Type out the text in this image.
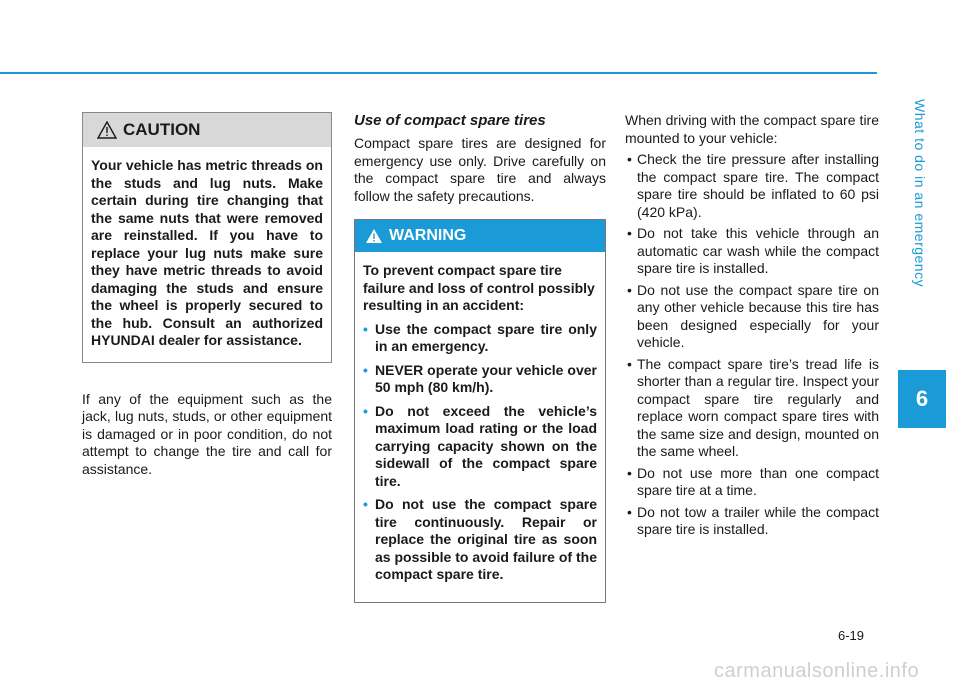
What to do in an emergency
6
CAUTION
Your vehicle has metric threads on the studs and lug nuts. Make certain during tire changing that the same nuts that were removed are reinstalled. If you have to replace your lug nuts make sure they have metric threads to avoid damaging the studs and ensure the wheel is properly secured to the hub. Consult an authorized HYUNDAI dealer for assistance.

If any of the equipment such as the jack, lug nuts, studs, or other equipment is damaged or in poor condition, do not attempt to change the tire and call for assistance.

Use of compact spare tires

Compact spare tires are designed for emergency use only. Drive carefully on the compact spare tire and always follow the safety precautions.

WARNING

To prevent compact spare tire failure and loss of control possibly resulting in an accident:

• Use the compact spare tire only in an emergency.
• NEVER operate your vehicle over 50 mph (80 km/h).
• Do not exceed the vehicle’s maximum load rating or the load carrying capacity shown on the sidewall of the compact spare tire.
• Do not use the compact spare tire continuously. Repair or replace the original tire as soon as possible to avoid failure of the compact spare tire.

When driving with the compact spare tire mounted to your vehicle:

• Check the tire pressure after installing the compact spare tire. The compact spare tire should be inflated to 60 psi (420 kPa).
• Do not take this vehicle through an automatic car wash while the compact spare tire is installed.
• Do not use the compact spare tire on any other vehicle because this tire has been designed especially for your vehicle.
• The compact spare tire’s tread life is shorter than a regular tire. Inspect your compact spare tire regularly and replace worn compact spare tires with the same size and design, mounted on the same wheel.
• Do not use more than one compact spare tire at a time.
• Do not tow a trailer while the compact spare tire is installed.
6-19
carmanualsonline.info
